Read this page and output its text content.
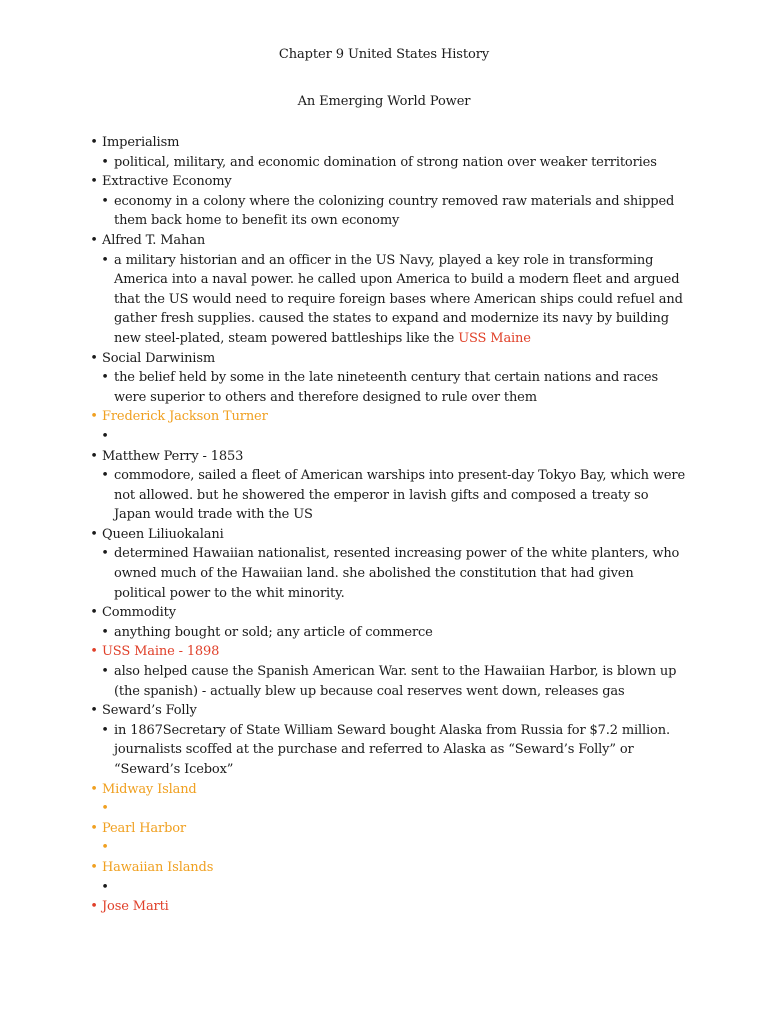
Chapter 9 United States History
An Emerging World Power
• Imperialism
• political, military, and economic domination of strong nation over weaker territories
• Extractive Economy
• economy in a colony where the colonizing country removed raw materials and shipped them back home to benefit its own economy
• Alfred T. Mahan
• a military historian and an officer in the US Navy, played a key role in transforming America into a naval power. he called upon America to build a modern fleet and argued that the US would need to require foreign bases where American ships could refuel and gather fresh supplies. caused the states to expand and modernize its navy by building new steel-plated, steam powered battleships like the USS Maine
• Social Darwinism
• the belief held by some in the late nineteenth century that certain nations and races were superior to others and therefore designed to rule over them
• Frederick Jackson Turner
•

• Matthew Perry - 1853
• commodore, sailed a fleet of American warships into present-day Tokyo Bay, which were not allowed. but he showered the emperor in lavish gifts and composed a treaty so Japan would trade with the US
• Queen Liliuokalani
• determined Hawaiian nationalist, resented increasing power of the white planters, who owned much of the Hawaiian land. she abolished the constitution that had given political power to the whit minority.
• Commodity
• anything bought or sold; any article of commerce
• USS Maine - 1898
• also helped cause the Spanish American War. sent to the Hawaiian Harbor, is blown up (the spanish) - actually blew up because coal reserves went down, releases gas
• Seward’s Folly
• in 1867Secretary of State William Seward bought Alaska from Russia for $7.2 million. journalists scoffed at the purchase and referred to Alaska as “Seward’s Folly” or “Seward’s Icebox”
• Midway Island
•

• Pearl Harbor
•

• Hawaiian Islands
•

• Jose Marti
